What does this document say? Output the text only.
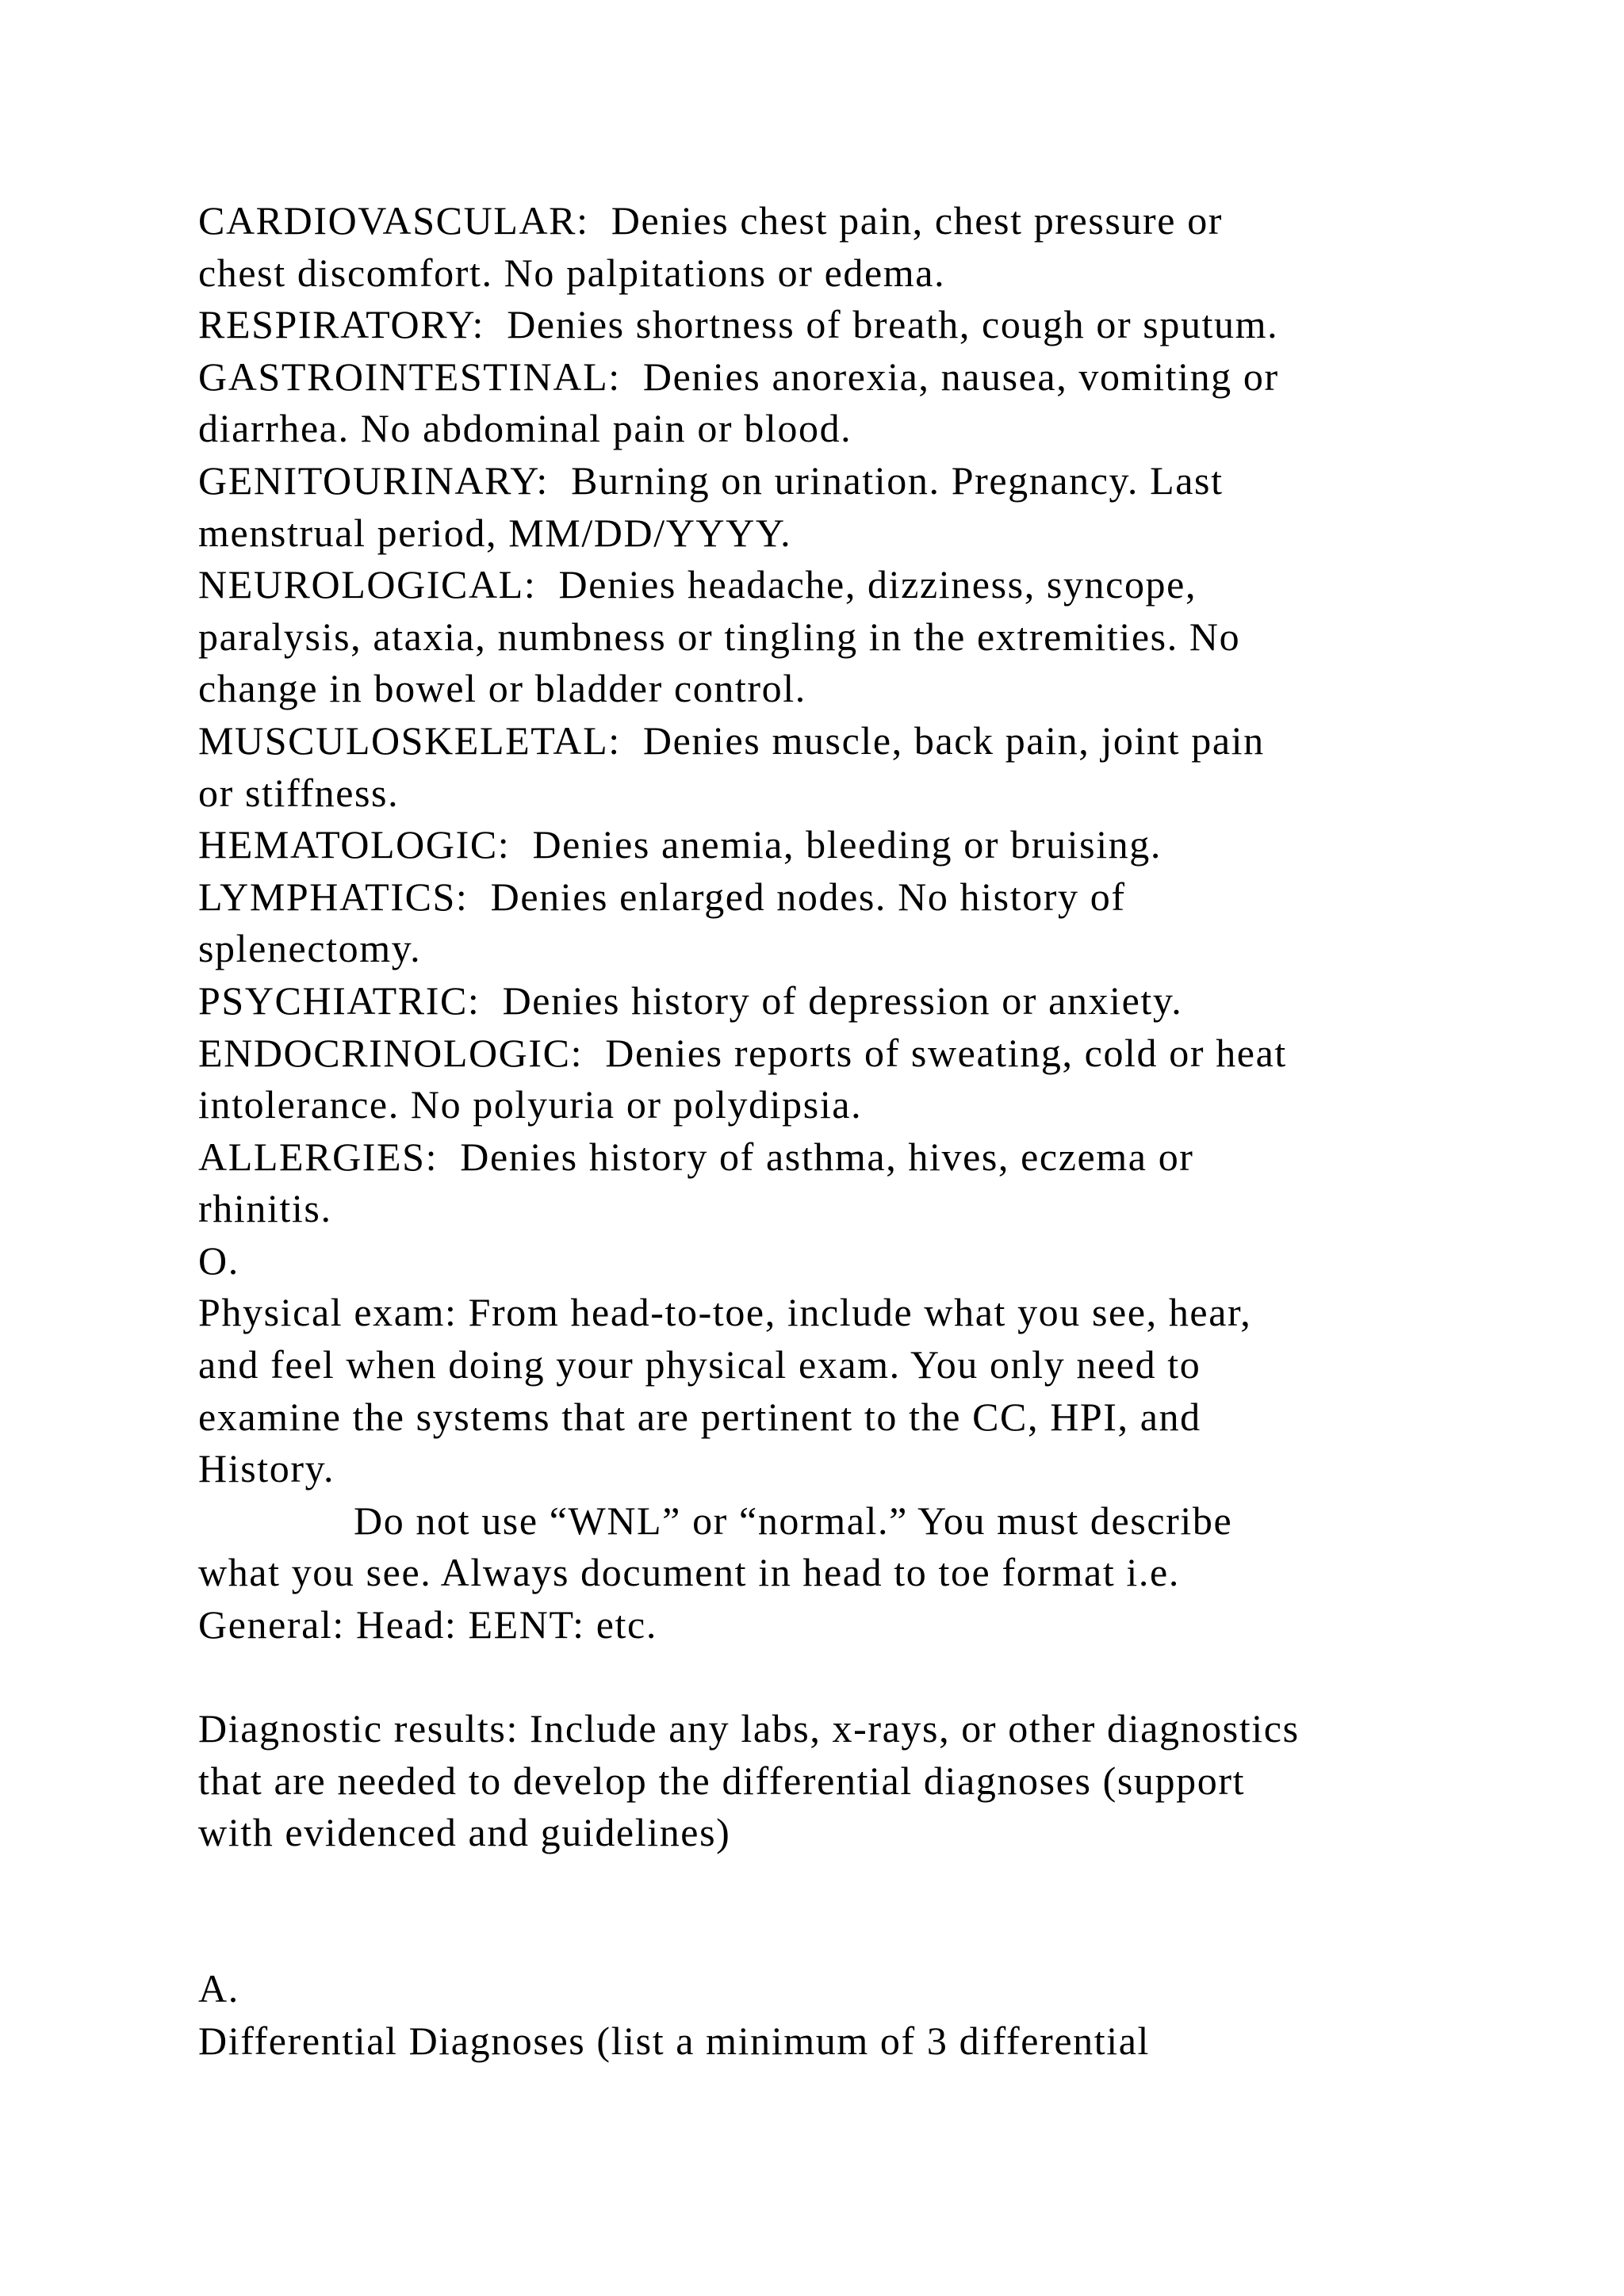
CARDIOVASCULAR:  Denies chest pain, chest pressure or
chest discomfort. No palpitations or edema.
RESPIRATORY:  Denies shortness of breath, cough or sputum.
GASTROINTESTINAL:  Denies anorexia, nausea, vomiting or
diarrhea. No abdominal pain or blood.
GENITOURINARY:  Burning on urination. Pregnancy. Last
menstrual period, MM/DD/YYYY.
NEUROLOGICAL:  Denies headache, dizziness, syncope,
paralysis, ataxia, numbness or tingling in the extremities. No
change in bowel or bladder control.
MUSCULOSKELETAL:  Denies muscle, back pain, joint pain
or stiffness.
HEMATOLOGIC:  Denies anemia, bleeding or bruising.
LYMPHATICS:  Denies enlarged nodes. No history of
splenectomy.
PSYCHIATRIC:  Denies history of depression or anxiety.
ENDOCRINOLOGIC:  Denies reports of sweating, cold or heat
intolerance. No polyuria or polydipsia.
ALLERGIES:  Denies history of asthma, hives, eczema or
rhinitis.
O.
Physical exam: From head-to-toe, include what you see, hear,
and feel when doing your physical exam. You only need to
examine the systems that are pertinent to the CC, HPI, and
History.
Do not use “WNL” or “normal.” You must describe
what you see. Always document in head to toe format i.e.
General: Head: EENT: etc.
Diagnostic results: Include any labs, x-rays, or other diagnostics
that are needed to develop the differential diagnoses (support
with evidenced and guidelines)
A.
Differential Diagnoses (list a minimum of 3 differential
